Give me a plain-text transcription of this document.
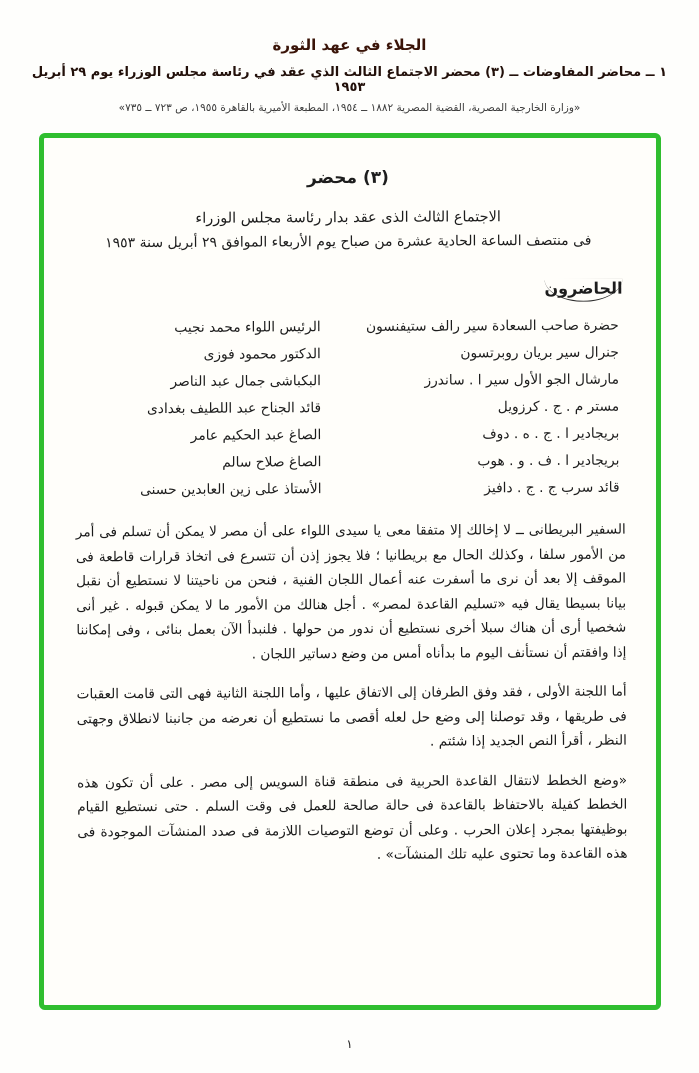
الجلاء في عهد الثورة
١ ــ محاضر المفاوضات ــ (٣) محضر الاجتماع الثالث الذي عقد في رئاسة مجلس الوزراء يوم ٢٩ أبريل ١٩٥٣
«وزارة الخارجية المصرية، القضية المصرية ١٨٨٢ ــ ١٩٥٤، المطبعة الأميرية بالقاهرة ١٩٥٥، ص ٧٢٣ ــ ٧٣٥»
(٣) محضر
الاجتماع الثالث الذى عقد بدار رئاسة مجلس الوزراء
فى منتصف الساعة الحادية عشرة من صباح يوم الأربعاء الموافق ٢٩ أبريل سنة ١٩٥٣
الحاضرون
حضرة صاحب السعادة سير رالف ستيفنسون
الرئيس اللواء محمد نجيب
جنرال سير بريان روبرتسون
الدكتور محمود فوزى
مارشال الجو الأول سير ا . ساندرز
البكباشى جمال عبد الناصر
مستر م . ج . كرزويل
قائد الجناح عبد اللطيف بغدادى
بريجادير ا . ج . ه . دوف
الصاغ عبد الحكيم عامر
بريجادير ا . ف . و . هوب
الصاغ صلاح سالم
قائد سرب ج . ج . دافيز
الأستاذ على زين العابدين حسنى

السفير البريطانى ــ لا إخالك إلا متفقا معى يا سيدى اللواء على أن مصر لا يمكن أن تسلم فى أمر من الأمور سلفا ، وكذلك الحال مع بريطانيا ؛ فلا يجوز إذن أن تتسرع فى اتخاذ قرارات قاطعة فى الموقف إلا بعد أن نرى ما أسفرت عنه أعمال اللجان الفنية ، فنحن من ناحيتنا لا نستطيع أن نقبل بيانا بسيطا يقال فيه «تسليم القاعدة لمصر» . أجل هنالك من الأمور ما لا يمكن قبوله . غير أنى شخصيا أرى أن هناك سبلا أخرى نستطيع أن ندور من حولها . فلنبدأ الآن بعمل بنائى ، وفى إمكاننا إذا وافقتم أن نستأنف اليوم ما بدأناه أمس من وضع دساتير اللجان .

أما اللجنة الأولى ، فقد وفق الطرفان إلى الاتفاق عليها ، وأما اللجنة الثانية فهى التى قامت العقبات فى طريقها ، وقد توصلنا إلى وضع حل لعله أقصى ما نستطيع أن نعرضه من جانبنا لانطلاق وجهتى النظر ، أقرأ النص الجديد إذا شئتم .

«وضع الخطط لانتقال القاعدة الحربية فى منطقة قناة السويس إلى مصر . على أن تكون هذه الخطط كفيلة بالاحتفاظ بالقاعدة فى حالة صالحة للعمل فى وقت السلم . حتى نستطيع القيام بوظيفتها بمجرد إعلان الحرب . وعلى أن توضع التوصيات اللازمة فى صدد المنشآت الموجودة فى هذه القاعدة وما تحتوى عليه تلك المنشآت» .

١
